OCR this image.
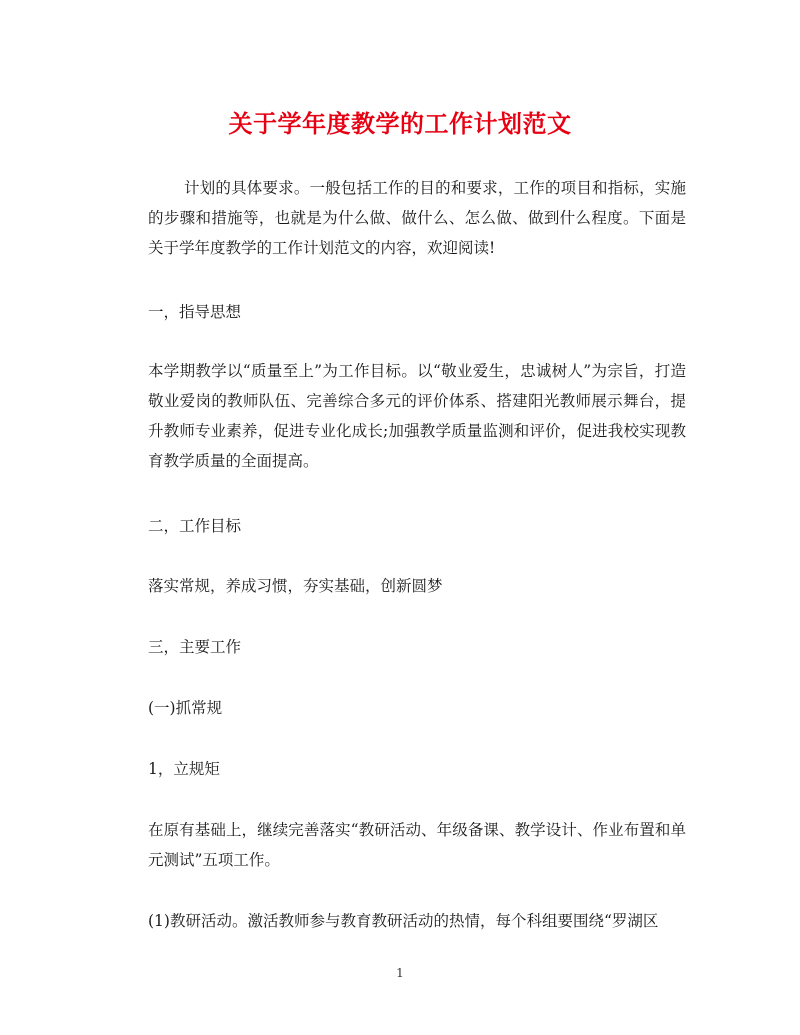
关于学年度教学的工作计划范文

计划的具体要求。一般包括工作的目的和要求，工作的项目和指标，实施的步骤和措施等，也就是为什么做、做什么、怎么做、做到什么程度。下面是关于学年度教学的工作计划范文的内容，欢迎阅读!

一，指导思想

本学期教学以“质量至上”为工作目标。以“敬业爱生，忠诚树人”为宗旨，打造敬业爱岗的教师队伍、完善综合多元的评价体系、搭建阳光教师展示舞台，提升教师专业素养，促进专业化成长;加强教学质量监测和评价，促进我校实现教育教学质量的全面提高。

二，工作目标

落实常规，养成习惯，夯实基础，创新圆梦

三，主要工作

(一)抓常规

1，立规矩

在原有基础上，继续完善落实“教研活动、年级备课、教学设计、作业布置和单元测试”五项工作。

(1)教研活动。激活教师参与教育教研活动的热情，每个科组要围绕“罗湖区

1
